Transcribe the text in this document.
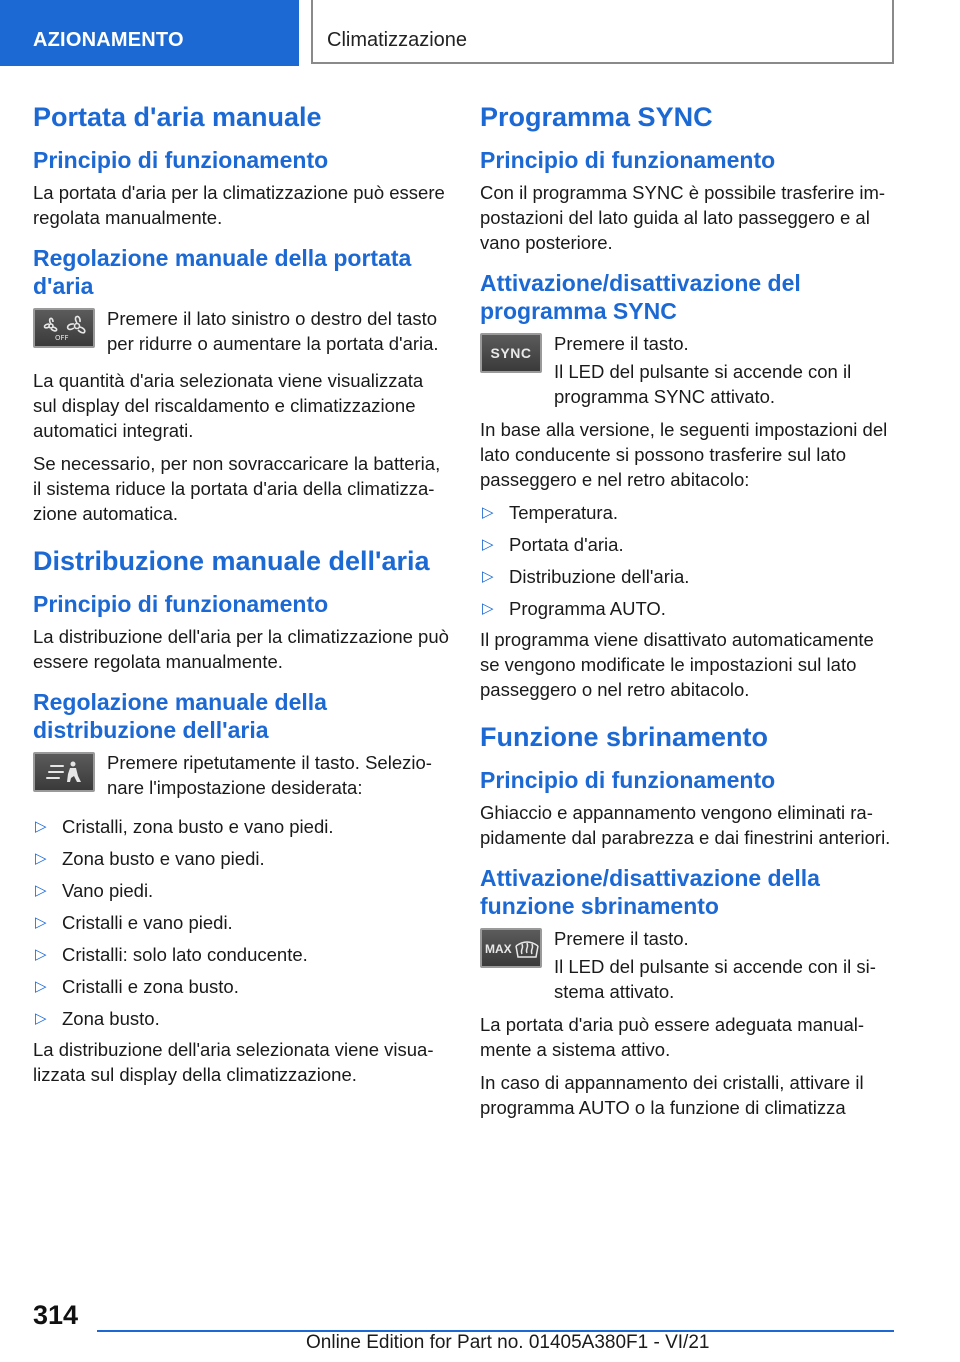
AZIONAMENTO	Climatizzazione
Portata d'aria manuale
Principio di funzionamento

La portata d'aria per la climatizzazione può essere regolata manualmente.

Regolazione manuale della portata d'aria
OFF

Premere il lato sinistro o destro del tasto per ridurre o aumentare la portata d'aria.

La quantità d'aria selezionata viene visualizzata sul display del riscaldamento e climatizzazione automatici integrati.

Se necessario, per non sovraccaricare la batteria, il sistema riduce la portata d'aria della climatizzazione automatica.

Distribuzione manuale dell'aria
Principio di funzionamento

La distribuzione dell'aria per la climatizzazione può essere regolata manualmente.

Regolazione manuale della distribuzione dell'aria

Premere ripetutamente il tasto. Selezionare l'impostazione desiderata:

▷ Cristalli, zona busto e vano piedi.
▷ Zona busto e vano piedi.
▷ Vano piedi.
▷ Cristalli e vano piedi.
▷ Cristalli: solo lato conducente.
▷ Cristalli e zona busto.
▷ Zona busto.

La distribuzione dell'aria selezionata viene visualizzata sul display della climatizzazione.

Programma SYNC
Principio di funzionamento

Con il programma SYNC è possibile trasferire impostazioni del lato guida al lato passeggero e al vano posteriore.

Attivazione/disattivazione del programma SYNC
SYNC Premere il tasto.

Il LED del pulsante si accende con il programma SYNC attivato.

In base alla versione, le seguenti impostazioni del lato conducente si possono trasferire sul lato passeggero e nel retro abitacolo:

▷ Temperatura.
▷ Portata d'aria.
▷ Distribuzione dell'aria.
▷ Programma AUTO.

Il programma viene disattivato automaticamente se vengono modificate le impostazioni sul lato passeggero o nel retro abitacolo.

Funzione sbrinamento
Principio di funzionamento

Ghiaccio e appannamento vengono eliminati rapidamente dal parabrezza e dai finestrini anteriori.

Attivazione/disattivazione della funzione sbrinamento
MAX Premere il tasto.

Il LED del pulsante si accende con il sistema attivato.

La portata d'aria può essere adeguata manualmente a sistema attivo.

In caso di appannamento dei cristalli, attivare il programma AUTO o la funzione di climatizza

314
Online Edition for Part no. 01405A380F1 - VI/21
